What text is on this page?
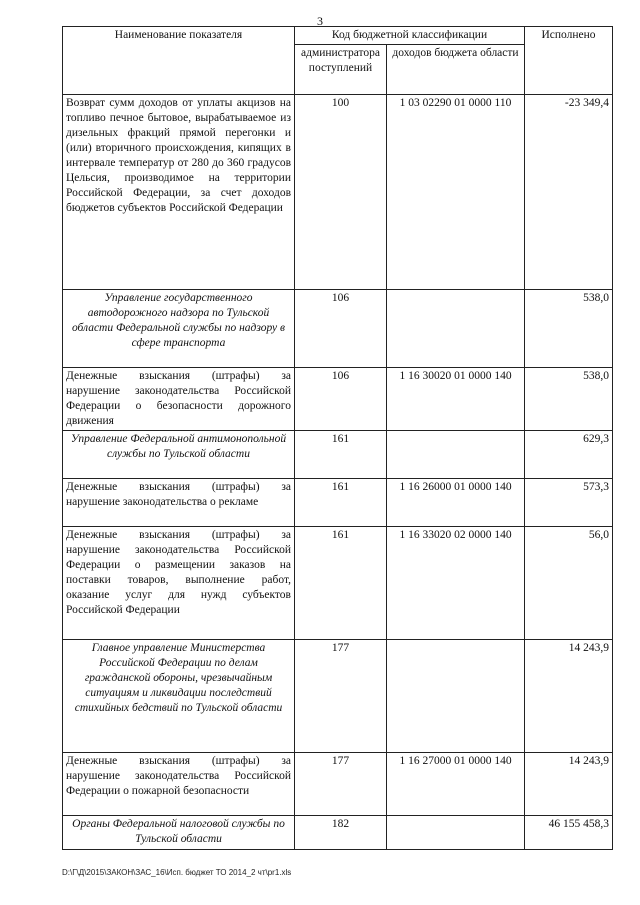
3
Наименование показателя	Код бюджетной классификации		Исполнено
	администратора поступлений	доходов бюджета области	
Возврат сумм доходов от уплаты акцизов на топливо печное бытовое, вырабатываемое из дизельных фракций прямой перегонки и (или) вторичного происхождения, кипящих в интервале температур от 280 до 360 градусов Цельсия, производимое на территории Российской Федерации, за счет доходов бюджетов субъектов Российской Федерации	100	1 03 02290 01 0000 110	-23 349,4
Управление государственного автодорожного надзора по Тульской области Федеральной службы по надзору в сфере транспорта	106		538,0
Денежные взыскания (штрафы) за нарушение законодательства Российской Федерации о безопасности дорожного движения	106	1 16 30020 01 0000 140	538,0
Управление Федеральной антимонопольной службы по Тульской области	161		629,3
Денежные взыскания (штрафы) за нарушение законодательства о рекламе	161	1 16 26000 01 0000 140	573,3
Денежные взыскания (штрафы) за нарушение законодательства Российской Федерации о размещении заказов на поставки товаров, выполнение работ, оказание услуг для нужд субъектов Российской Федерации	161	1 16 33020 02 0000 140	56,0
Главное управление Министерства Российской Федерации по делам гражданской обороны, чрезвычайным ситуациям и ликвидации последствий стихийных бедствий по Тульской области	177		14 243,9
Денежные взыскания (штрафы) за нарушение законодательства Российской Федерации о пожарной безопасности	177	1 16 27000 01 0000 140	14 243,9
Органы Федеральной налоговой службы по Тульской области	182		46 155 458,3
D:\Г\Д\2015\ЗАКОН\ЗАС_16\Исп. бюджет ТО 2014_2 чт\pr1.xls
